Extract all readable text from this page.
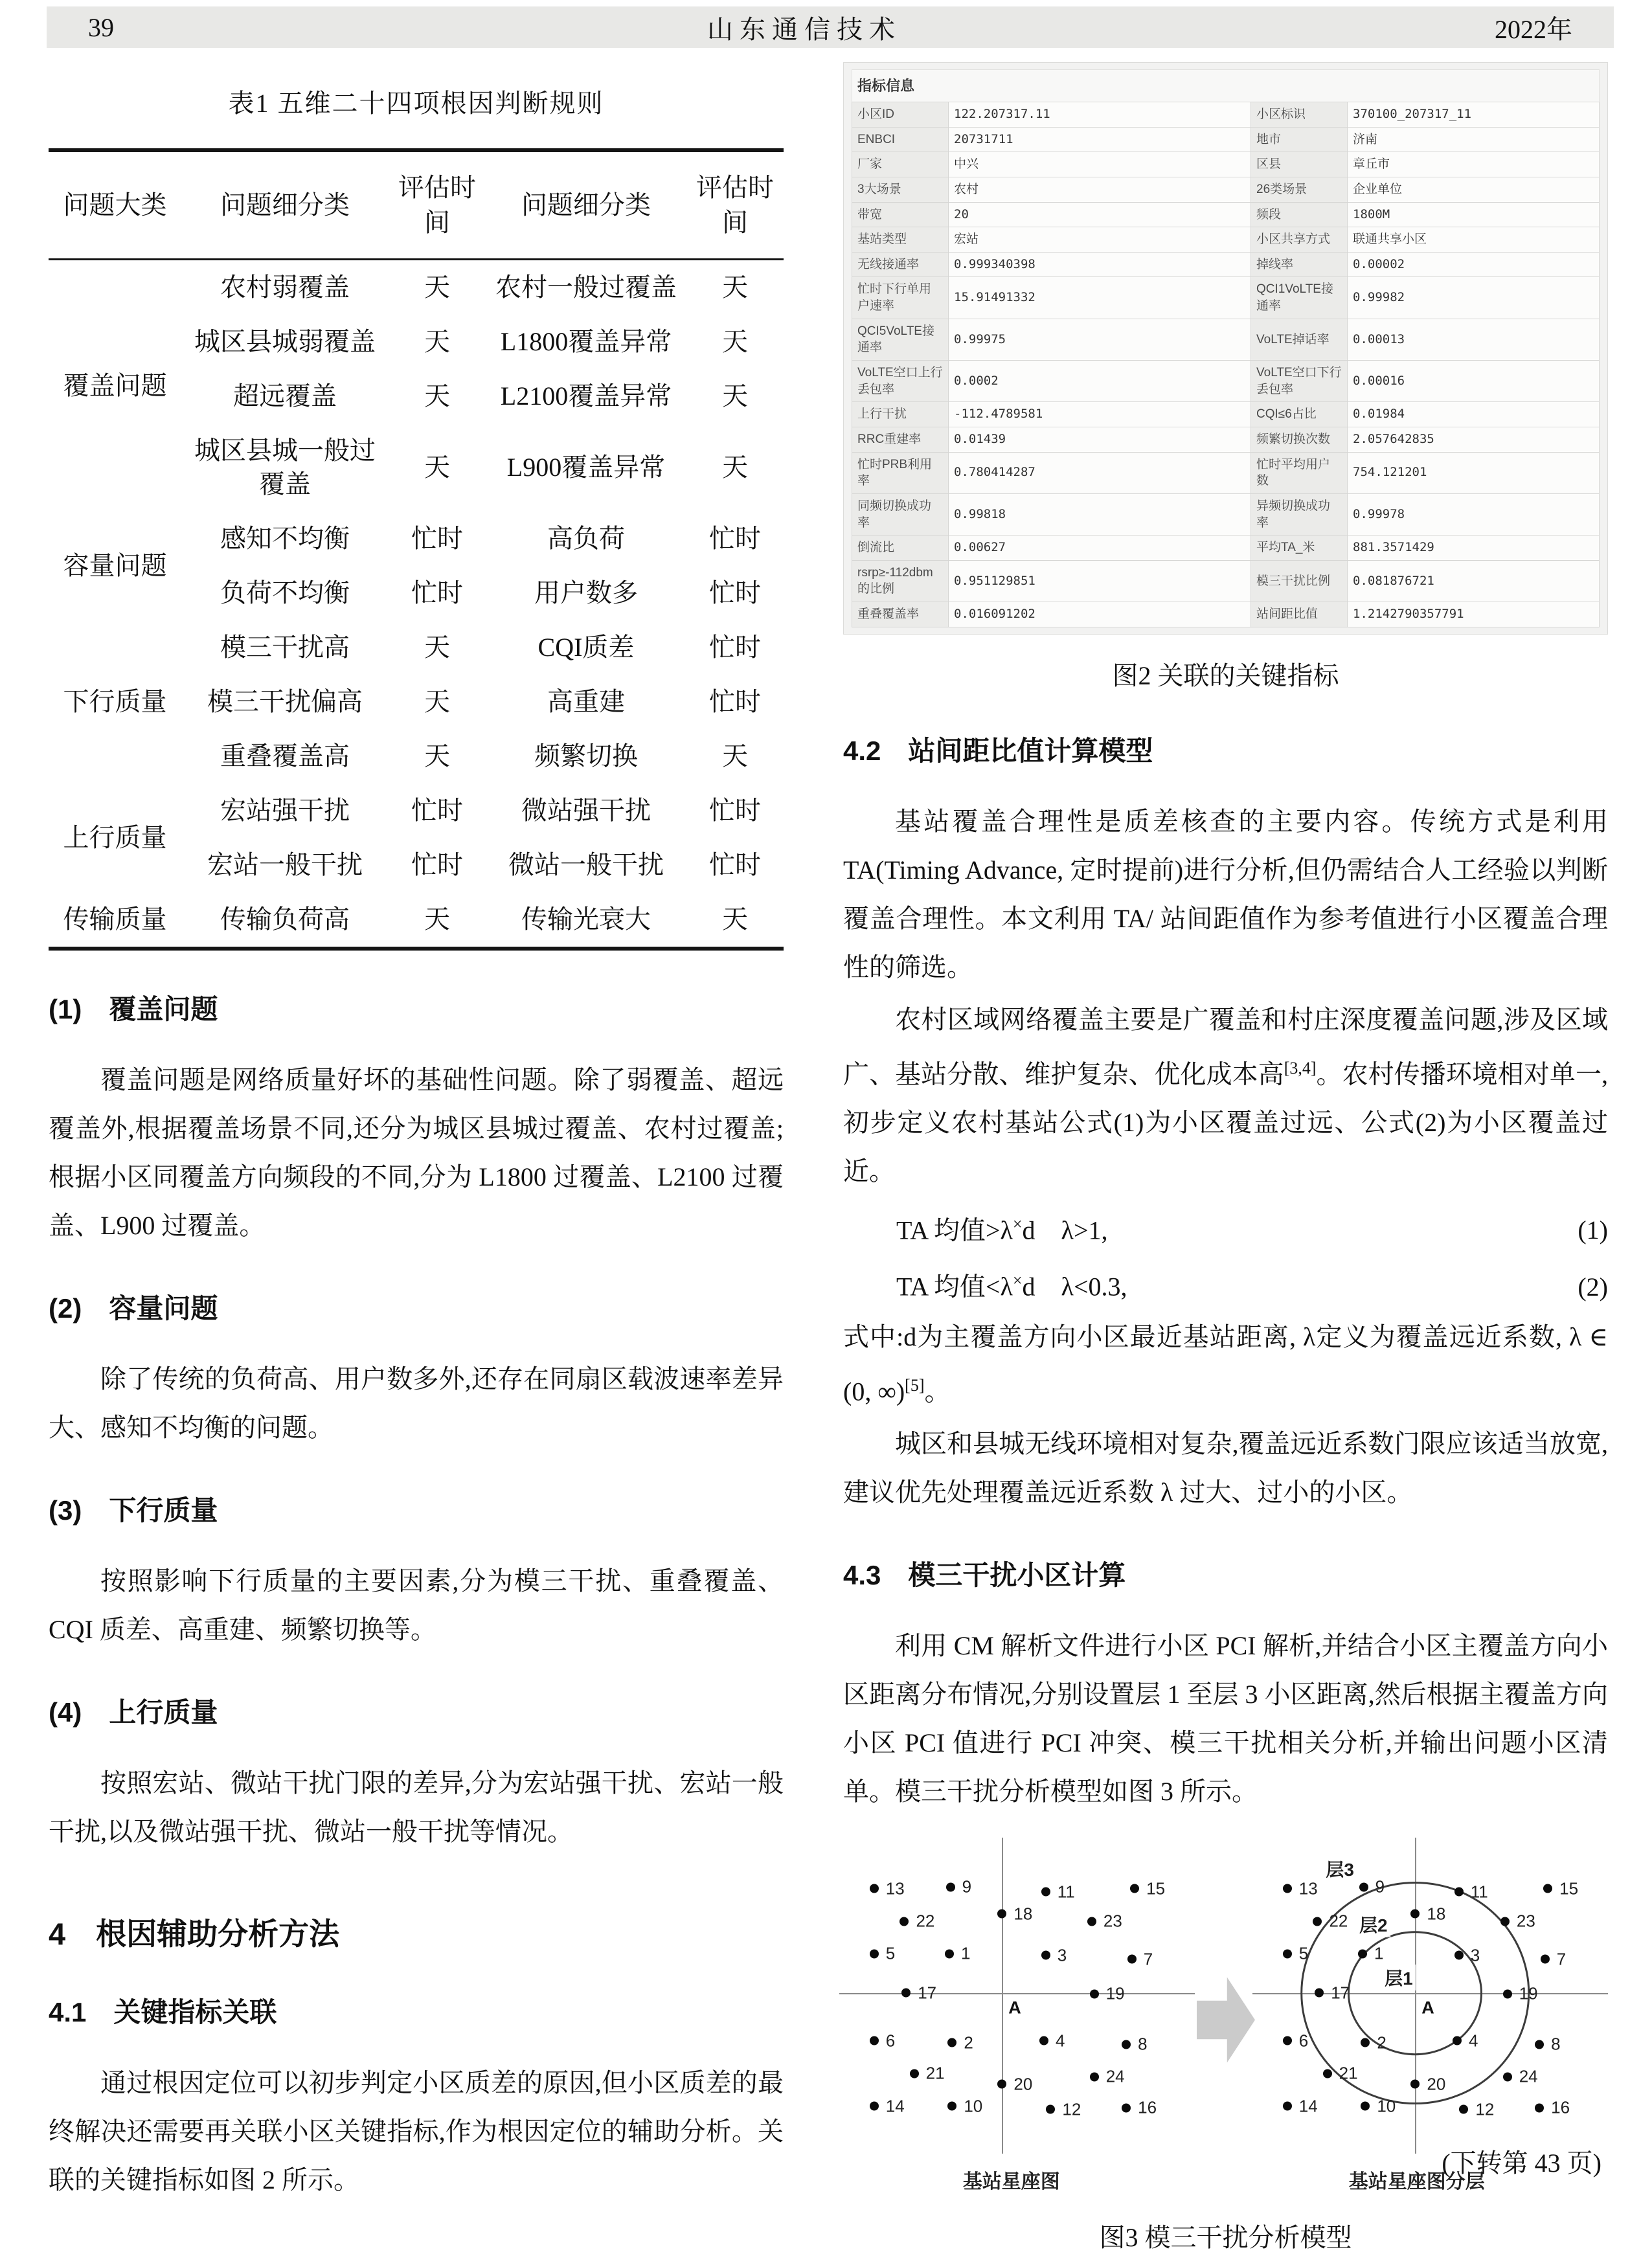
39	山东通信技术	2022年
表1 五维二十四项根因判断规则
问题大类	问题细分类	评估时间	问题细分类	评估时间
覆盖问题	农村弱覆盖	天	农村一般过覆盖	天
	城区县城弱覆盖	天	L1800覆盖异常	天
	超远覆盖	天	L2100覆盖异常	天
	城区县城一般过覆盖	天	L900覆盖异常	天
容量问题	感知不均衡	忙时	高负荷	忙时
	负荷不均衡	忙时	用户数多	忙时
下行质量	模三干扰高	天	CQI质差	忙时
	模三干扰偏高	天	高重建	忙时
	重叠覆盖高	天	频繁切换	天
上行质量	宏站强干扰	忙时	微站强干扰	忙时
	宏站一般干扰	忙时	微站一般干扰	忙时
传输质量	传输负荷高	天	传输光衰大	天
(1)　覆盖问题

覆盖问题是网络质量好坏的基础性问题。除了弱覆盖、超远覆盖外,根据覆盖场景不同,还分为城区县城过覆盖、农村过覆盖;根据小区同覆盖方向频段的不同,分为 L1800 过覆盖、L2100 过覆盖、L900 过覆盖。

(2)　容量问题

除了传统的负荷高、用户数多外,还存在同扇区载波速率差异大、感知不均衡的问题。

(3)　下行质量

按照影响下行质量的主要因素,分为模三干扰、重叠覆盖、CQI 质差、高重建、频繁切换等。

(4)　上行质量

按照宏站、微站干扰门限的差异,分为宏站强干扰、宏站一般干扰,以及微站强干扰、微站一般干扰等情况。

4　根因辅助分析方法
4.1　关键指标关联

通过根因定位可以初步判定小区质差的原因,但小区质差的最终解决还需要再关联小区关键指标,作为根因定位的辅助分析。关联的关键指标如图 2 所示。

指标信息
小区ID	122.207317.11	小区标识	370100_207317_11
ENBCI	20731711	地市	济南
厂家	中兴	区县	章丘市
3大场景	农村	26类场景	企业单位
带宽	20	频段	1800M
基站类型	宏站	小区共享方式	联通共享小区
无线接通率	0.999340398	掉线率	0.00002
忙时下行单用户速率	15.91491332	QCI1VoLTE接通率	0.99982
QCI5VoLTE接通率	0.99975	VoLTE掉话率	0.00013
VoLTE空口上行丢包率	0.0002	VoLTE空口下行丢包率	0.00016
上行干扰	-112.4789581	CQI≤6占比	0.01984
RRC重建率	0.01439	频繁切换次数	2.057642835
忙时PRB利用率	0.780414287	忙时平均用户数	754.121201
同频切换成功率	0.99818	异频切换成功率	0.99978
倒流比	0.00627	平均TA_米	881.3571429
rsrp≥-112dbm的比例	0.951129851	模三干扰比例	0.081876721
重叠覆盖率	0.016091202	站间距比值	1.2142790357791
图2 关联的关键指标
4.2　站间距比值计算模型

基站覆盖合理性是质差核查的主要内容。传统方式是利用 TA(Timing Advance, 定时提前)进行分析,但仍需结合人工经验以判断覆盖合理性。本文利用 TA/ 站间距值作为参考值进行小区覆盖合理性的筛选。

农村区域网络覆盖主要是广覆盖和村庄深度覆盖问题,涉及区域广、基站分散、维护复杂、优化成本高[3,4]。农村传播环境相对单一,初步定义农村基站公式(1)为小区覆盖过远、公式(2)为小区覆盖过近。

TA 均值>λ×d　λ>1,	(1)
TA 均值<λ×d　λ<0.3,	(2)

式中:d为主覆盖方向小区最近基站距离, λ定义为覆盖远近系数, λ ∈ (0, ∞)[5]。

城区和县城无线环境相对复杂,覆盖远近系数门限应该适当放宽,建议优先处理覆盖远近系数 λ 过大、过小的小区。

4.3　模三干扰小区计算

利用 CM 解析文件进行小区 PCI 解析,并结合小区主覆盖方向小区距离分布情况,分别设置层 1 至层 3 小区距离,然后根据主覆盖方向小区 PCI 值进行 PCI 冲突、模三干扰相关分析,并输出问题小区清单。模三干扰分析模型如图 3 所示。

13	9	11	15
22	18	23
5	1	3	7
17	19
6	2	4	8
21	24
20
14	10	12	16
A
层1
层2
层3
13	9	11	15
22	18	23
5	1	3	7
17	19
6	2	4	8
21	24
20
14	10	12	16
A
基站星座图	基站星座图分层
图3 模三干扰分析模型
(下转第 43 页)
